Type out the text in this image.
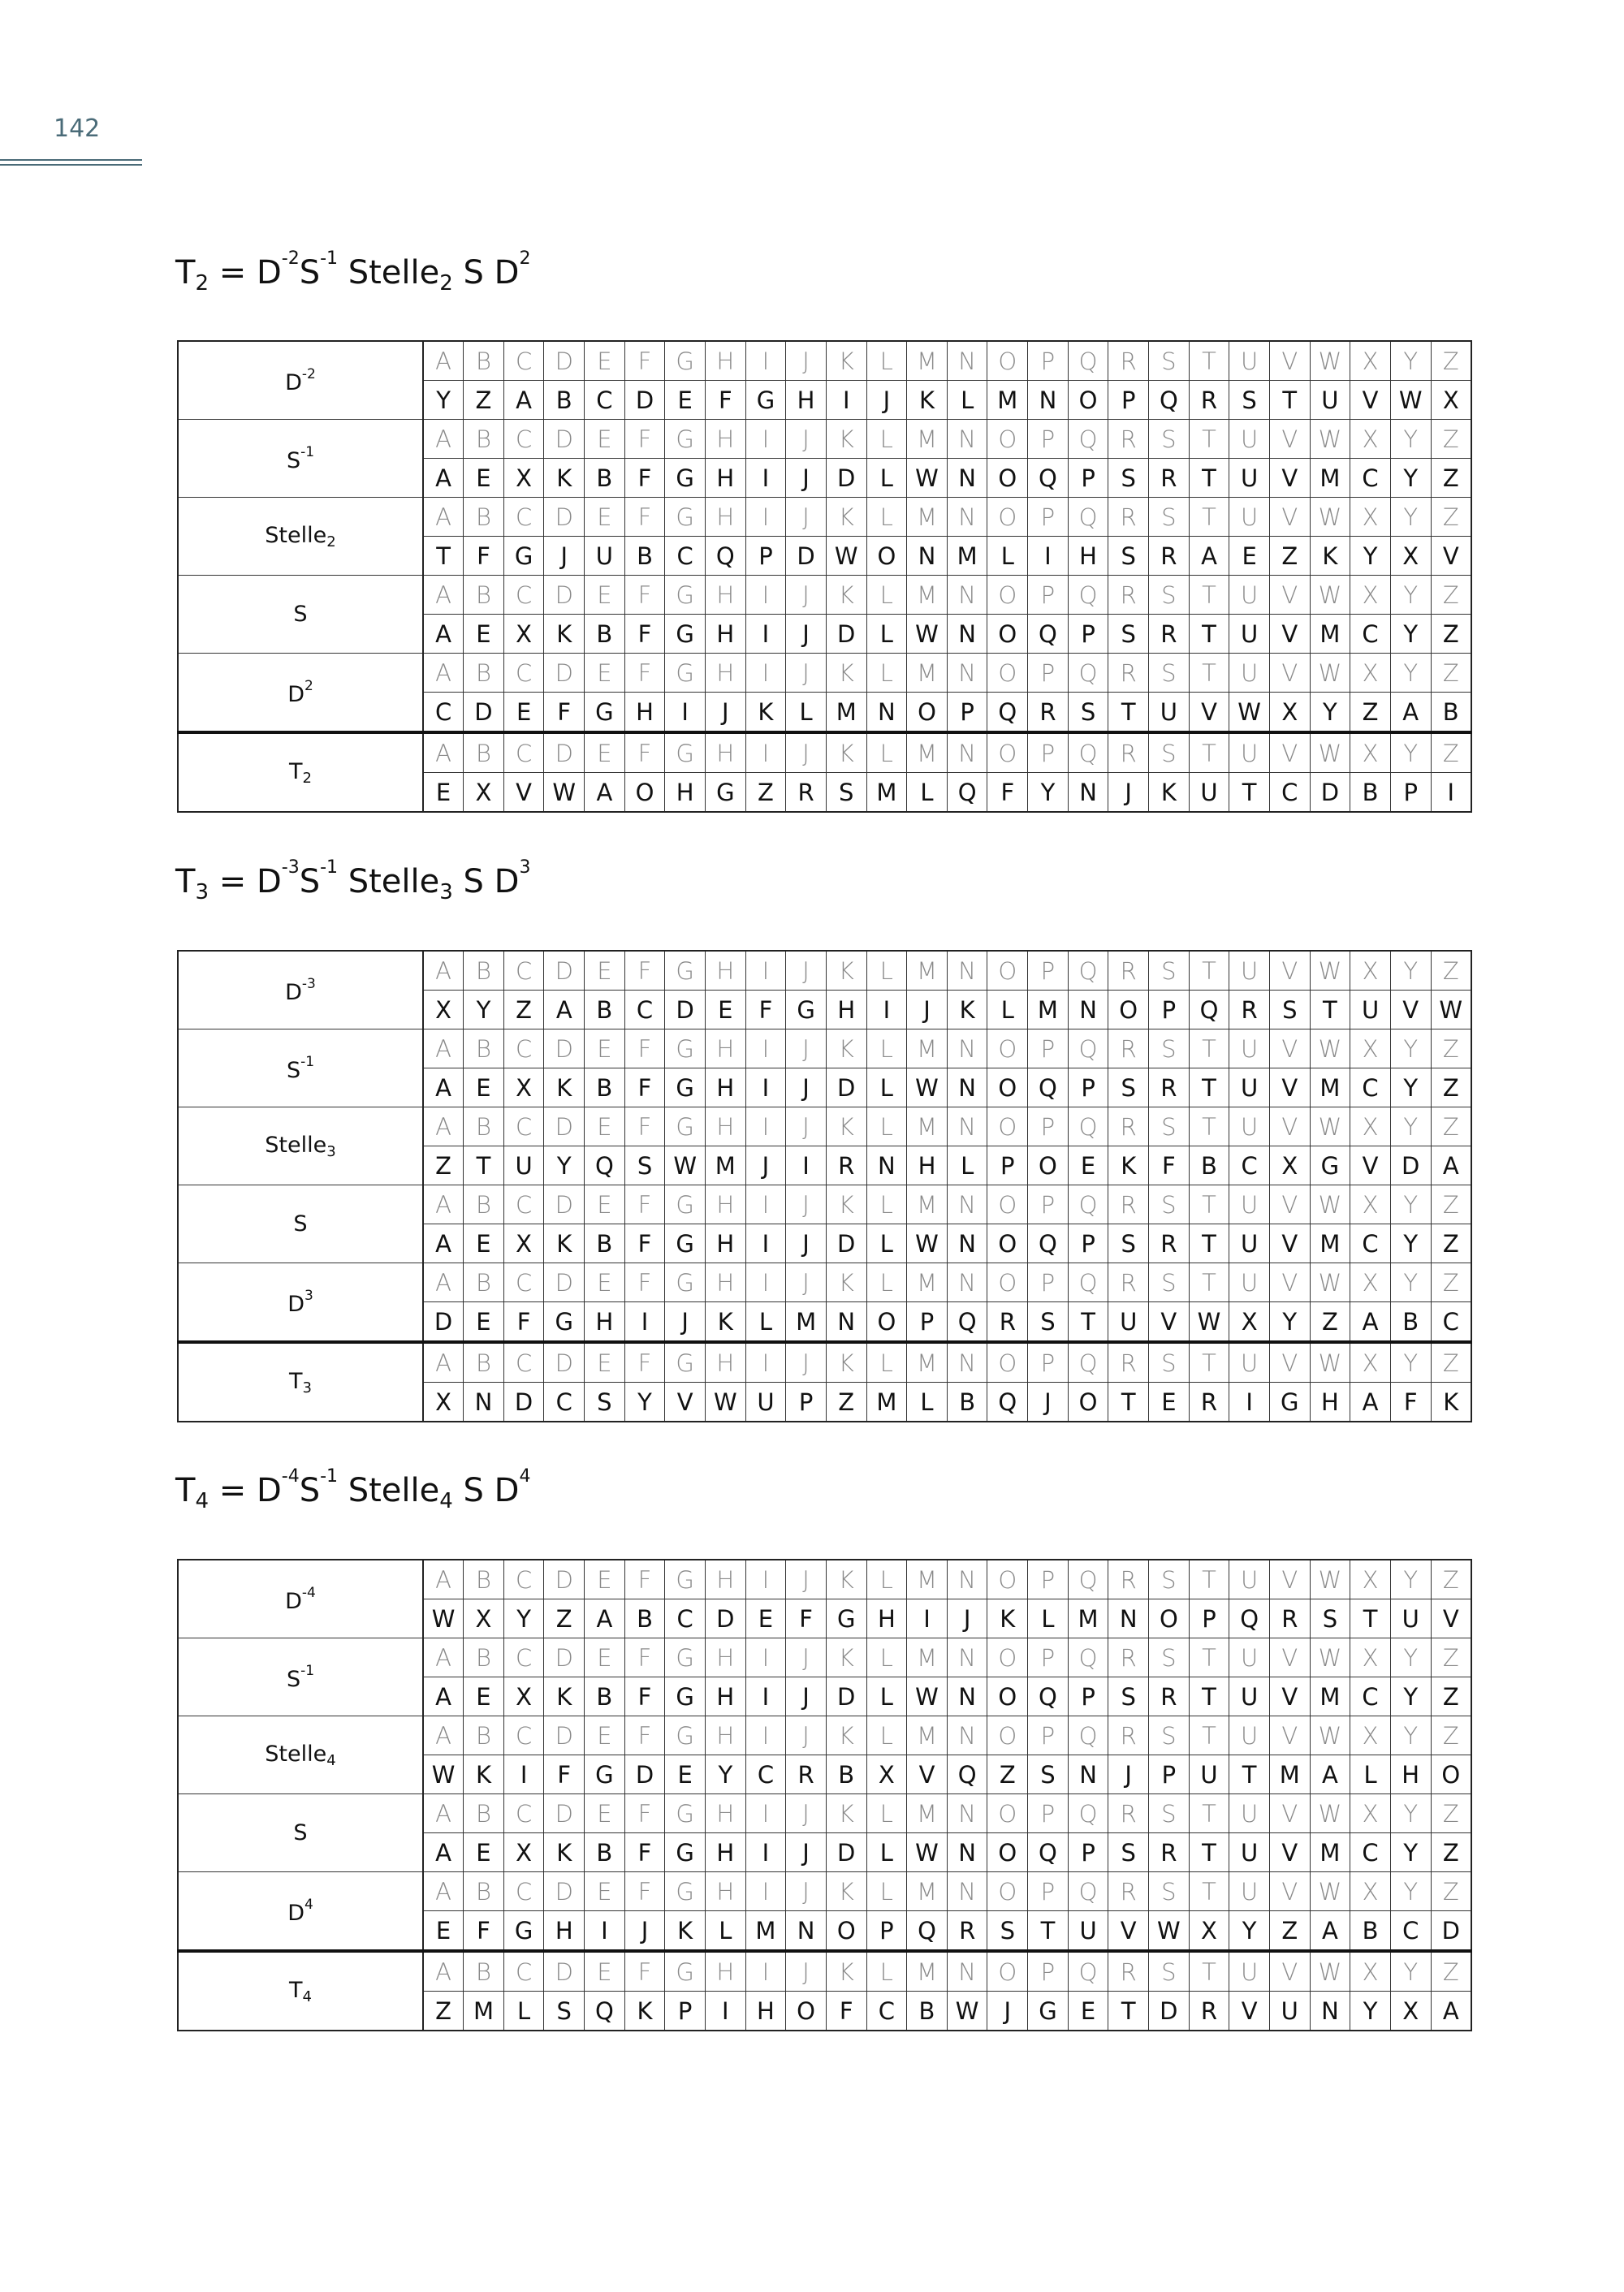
142
$T_2 = D^{-2}S^{-1}$ Stelle$_2$ S $D^2$
$D^{-2}$	A	B	C	D	E	F	G	H	I	J	K	L	M	N	O	P	Q	R	S	T	U	V	W	X	Y	Z
	Y	Z	A	B	C	D	E	F	G	H	I	J	K	L	M	N	O	P	Q	R	S	T	U	V	W	X
$S^{-1}$	A	B	C	D	E	F	G	H	I	J	K	L	M	N	O	P	Q	R	S	T	U	V	W	X	Y	Z
	A	E	X	K	B	F	G	H	I	J	D	L	W	N	O	Q	P	S	R	T	U	V	M	C	Y	Z
Stelle$_2$	A	B	C	D	E	F	G	H	I	J	K	L	M	N	O	P	Q	R	S	T	U	V	W	X	Y	Z
	T	F	G	J	U	B	C	Q	P	D	W	O	N	M	L	I	H	S	R	A	E	Z	K	Y	X	V
S	A	B	C	D	E	F	G	H	I	J	K	L	M	N	O	P	Q	R	S	T	U	V	W	X	Y	Z
	A	E	X	K	B	F	G	H	I	J	D	L	W	N	O	Q	P	S	R	T	U	V	M	C	Y	Z
$D^2$	A	B	C	D	E	F	G	H	I	J	K	L	M	N	O	P	Q	R	S	T	U	V	W	X	Y	Z
	C	D	E	F	G	H	I	J	K	L	M	N	O	P	Q	R	S	T	U	V	W	X	Y	Z	A	B
$T_2$	A	B	C	D	E	F	G	H	I	J	K	L	M	N	O	P	Q	R	S	T	U	V	W	X	Y	Z
	E	X	V	W	A	O	H	G	Z	R	S	M	L	Q	F	Y	N	J	K	U	T	C	D	B	P	I
$T_3 = D^{-3}S^{-1}$ Stelle$_3$ S $D^3$
$D^{-3}$	A	B	C	D	E	F	G	H	I	J	K	L	M	N	O	P	Q	R	S	T	U	V	W	X	Y	Z
	X	Y	Z	A	B	C	D	E	F	G	H	I	J	K	L	M	N	O	P	Q	R	S	T	U	V	W
$S^{-1}$	A	B	C	D	E	F	G	H	I	J	K	L	M	N	O	P	Q	R	S	T	U	V	W	X	Y	Z
	A	E	X	K	B	F	G	H	I	J	D	L	W	N	O	Q	P	S	R	T	U	V	M	C	Y	Z
Stelle$_3$	A	B	C	D	E	F	G	H	I	J	K	L	M	N	O	P	Q	R	S	T	U	V	W	X	Y	Z
	Z	T	U	Y	Q	S	W	M	J	I	R	N	H	L	P	O	E	K	F	B	C	X	G	V	D	A
S	A	B	C	D	E	F	G	H	I	J	K	L	M	N	O	P	Q	R	S	T	U	V	W	X	Y	Z
	A	E	X	K	B	F	G	H	I	J	D	L	W	N	O	Q	P	S	R	T	U	V	M	C	Y	Z
$D^3$	A	B	C	D	E	F	G	H	I	J	K	L	M	N	O	P	Q	R	S	T	U	V	W	X	Y	Z
	D	E	F	G	H	I	J	K	L	M	N	O	P	Q	R	S	T	U	V	W	X	Y	Z	A	B	C
$T_3$	A	B	C	D	E	F	G	H	I	J	K	L	M	N	O	P	Q	R	S	T	U	V	W	X	Y	Z
	X	N	D	C	S	Y	V	W	U	P	Z	M	L	B	Q	J	O	T	E	R	I	G	H	A	F	K
$T_4 = D^{-4}S^{-1}$ Stelle$_4$ S $D^4$
$D^{-4}$	A	B	C	D	E	F	G	H	I	J	K	L	M	N	O	P	Q	R	S	T	U	V	W	X	Y	Z
	W	X	Y	Z	A	B	C	D	E	F	G	H	I	J	K	L	M	N	O	P	Q	R	S	T	U	V
$S^{-1}$	A	B	C	D	E	F	G	H	I	J	K	L	M	N	O	P	Q	R	S	T	U	V	W	X	Y	Z
	A	E	X	K	B	F	G	H	I	J	D	L	W	N	O	Q	P	S	R	T	U	V	M	C	Y	Z
Stelle$_4$	A	B	C	D	E	F	G	H	I	J	K	L	M	N	O	P	Q	R	S	T	U	V	W	X	Y	Z
	W	K	I	F	G	D	E	Y	C	R	B	X	V	Q	Z	S	N	J	P	U	T	M	A	L	H	O
S	A	B	C	D	E	F	G	H	I	J	K	L	M	N	O	P	Q	R	S	T	U	V	W	X	Y	Z
	A	E	X	K	B	F	G	H	I	J	D	L	W	N	O	Q	P	S	R	T	U	V	M	C	Y	Z
$D^4$	A	B	C	D	E	F	G	H	I	J	K	L	M	N	O	P	Q	R	S	T	U	V	W	X	Y	Z
	E	F	G	H	I	J	K	L	M	N	O	P	Q	R	S	T	U	V	W	X	Y	Z	A	B	C	D
$T_4$	A	B	C	D	E	F	G	H	I	J	K	L	M	N	O	P	Q	R	S	T	U	V	W	X	Y	Z
	Z	M	L	S	Q	K	P	I	H	O	F	C	B	W	J	G	E	T	D	R	V	U	N	Y	X	A
